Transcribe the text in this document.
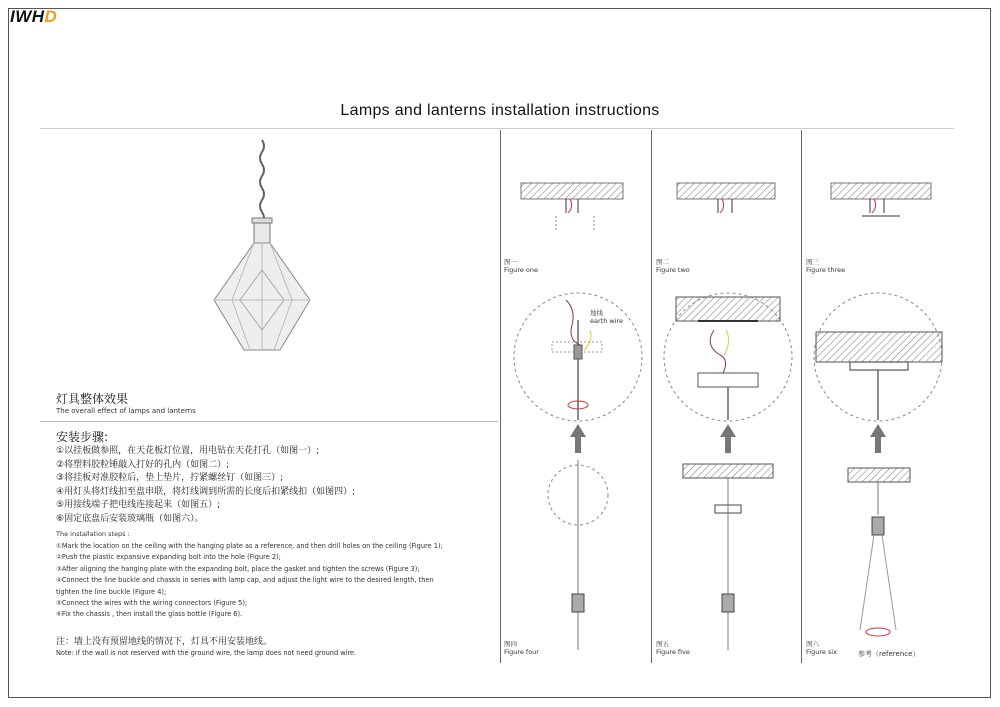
IWHD
Lamps and lanterns installation instructions
图一
Figure one
图二
Figure two
图三
Figure three
图四
Figure four
图五
Figure five
图六
Figure six
地线
earth wire
参考（reference）
灯具整体效果
The overall effect of lamps and lanterns
安装步骤:
①以挂板做参照，在天花板灯位置，用电钻在天花打孔（如图一）;
②将塑料胶粒锤敲入打好的孔内（如图二）;
③将挂板对准胶粒后，垫上垫片，拧紧螺丝钉（如图三）;
④用灯头将灯线扣至盘串联，将灯线调到所需的长度后扣紧线扣（如图四）;
⑤用接线端子把电线连接起来（如图五）;
⑥固定底盘后安装玻璃瓶（如图六）。
The installation steps :
①Mark the location on the ceiling with the hanging plate as a reference, and then drill holes on the ceiling (Figure 1);
②Push the plastic expansive expanding bolt into the hole (Figure 2);
③After aligning the hanging plate with the expanding bolt, place the gasket and tighten the screws (Figure 3);
④Connect the line buckle and chassis in series with lamp cap, and adjust the light wire to the desired length, then
tighten the line buckle (Figure 4);
⑤Connect the wires with the wiring connectors (Figure 5);
⑥Fix the chassis , then install the glass bottle (Figure 6).
注：墙上没有预留地线的情况下，灯具不用安装地线。
Note: if the wall is not reserved with the ground wire, the lamp does not need ground wire.
